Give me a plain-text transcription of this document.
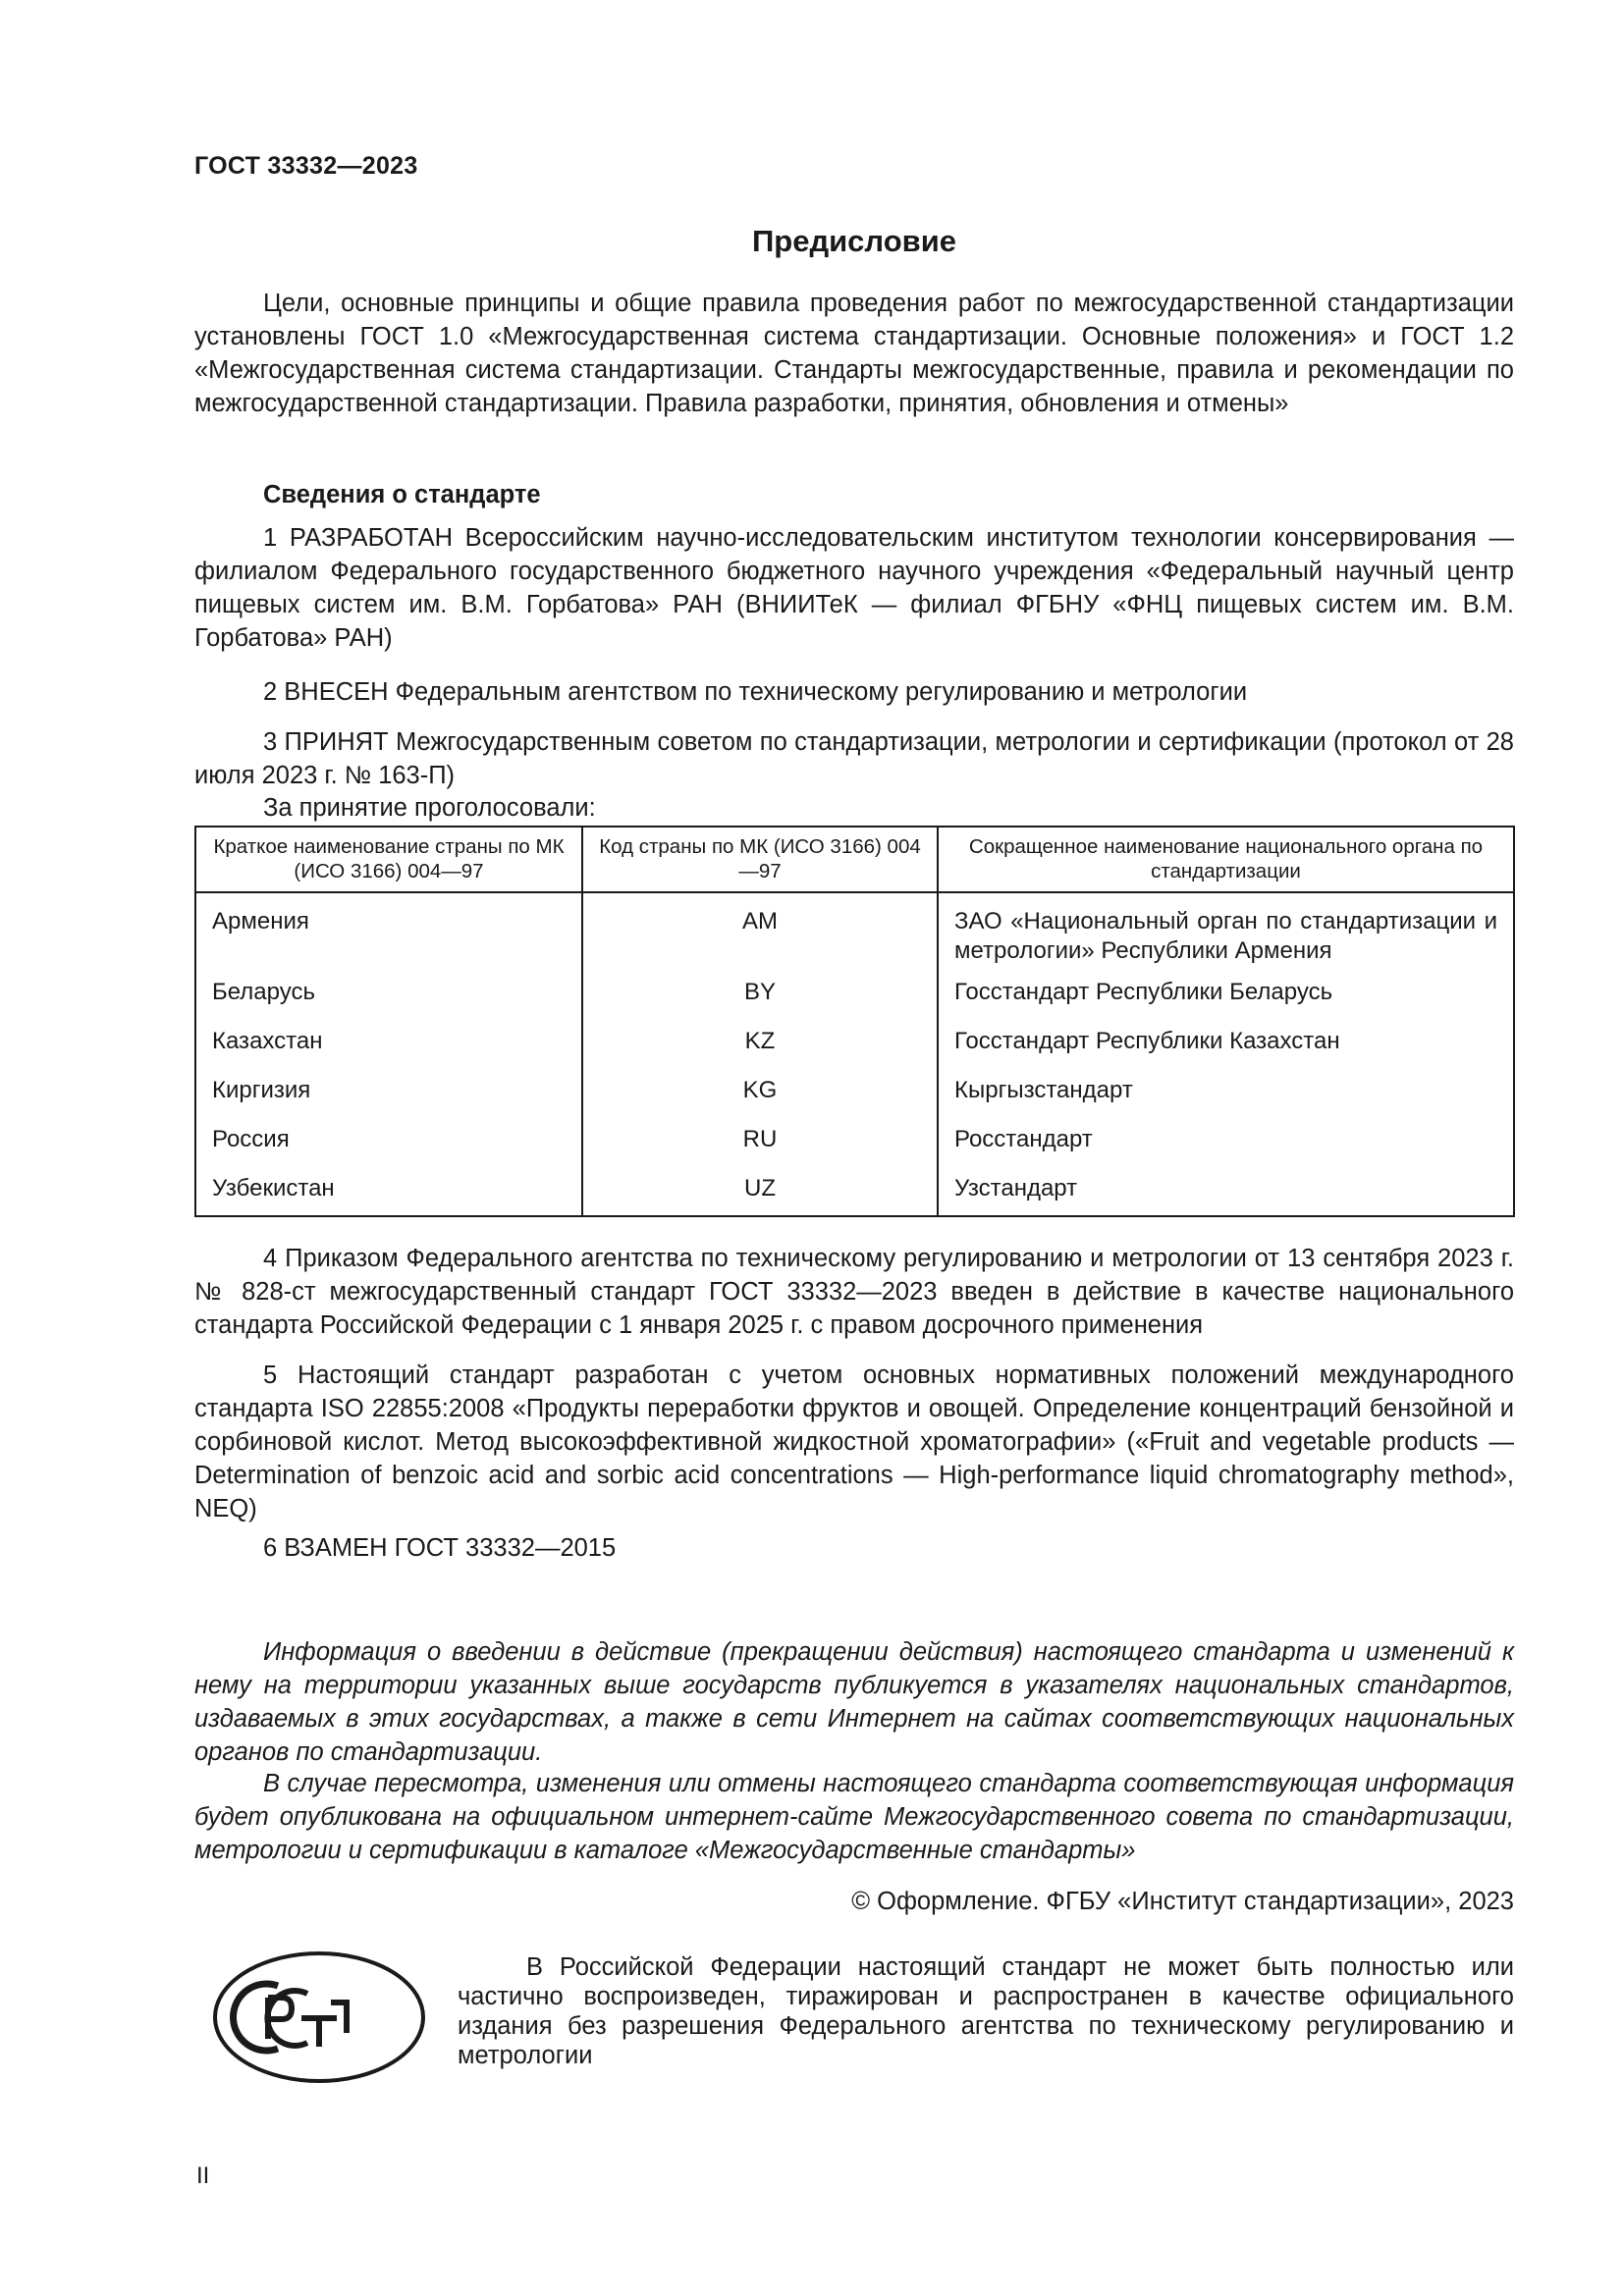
ГОСТ 33332—2023
Предисловие
Цели, основные принципы и общие правила проведения работ по межгосударственной стандартизации установлены ГОСТ 1.0 «Межгосударственная система стандартизации. Основные положения» и ГОСТ 1.2 «Межгосударственная система стандартизации. Стандарты межгосударственные, правила и рекомендации по межгосударственной стандартизации. Правила разработки, принятия, обновления и отмены»
Сведения о стандарте
1 РАЗРАБОТАН Всероссийским научно-исследовательским институтом технологии консервирования — филиалом Федерального государственного бюджетного научного учреждения «Федеральный научный центр пищевых систем им. В.М. Горбатова» РАН (ВНИИТеК — филиал ФГБНУ «ФНЦ пищевых систем им. В.М. Горбатова» РАН)
2 ВНЕСЕН Федеральным агентством по техническому регулированию и метрологии
3 ПРИНЯТ Межгосударственным советом по стандартизации, метрологии и сертификации (протокол от 28 июля 2023 г. № 163-П)
За принятие проголосовали:
Краткое наименование страны по МК (ИСО 3166) 004—97	Код страны по МК (ИСО 3166) 004—97	Сокращенное наименование национального органа по стандартизации
Армения	AM	ЗАО «Национальный орган по стандартизации и метрологии» Республики Армения
Беларусь	BY	Госстандарт Республики Беларусь
Казахстан	KZ	Госстандарт Республики Казахстан
Киргизия	KG	Кыргызстандарт
Россия	RU	Росстандарт
Узбекистан	UZ	Узстандарт
4 Приказом Федерального агентства по техническому регулированию и метрологии от 13 сентября 2023 г. № 828-ст межгосударственный стандарт ГОСТ 33332—2023 введен в действие в качестве национального стандарта Российской Федерации с 1 января 2025 г. с правом досрочного применения
5 Настоящий стандарт разработан с учетом основных нормативных положений международного стандарта ISO 22855:2008 «Продукты переработки фруктов и овощей. Определение концентраций бензойной и сорбиновой кислот. Метод высокоэффективной жидкостной хроматографии» («Fruit and vegetable products — Determination of benzoic acid and sorbic acid concentrations — High-performance liquid chromatography method», NEQ)
6 ВЗАМЕН ГОСТ 33332—2015
Информация о введении в действие (прекращении действия) настоящего стандарта и изменений к нему на территории указанных выше государств публикуется в указателях национальных стандартов, издаваемых в этих государствах, а также в сети Интернет на сайтах соответствующих национальных органов по стандартизации.
В случае пересмотра, изменения или отмены настоящего стандарта соответствующая информация будет опубликована на официальном интернет-сайте Межгосударственного совета по стандартизации, метрологии и сертификации в каталоге «Межгосударственные стандарты»
© Оформление. ФГБУ «Институт стандартизации», 2023
В Российской Федерации настоящий стандарт не может быть полностью или частично воспроизведен, тиражирован и распространен в качестве официального издания без разрешения Федерального агентства по техническому регулированию и метрологии
II
